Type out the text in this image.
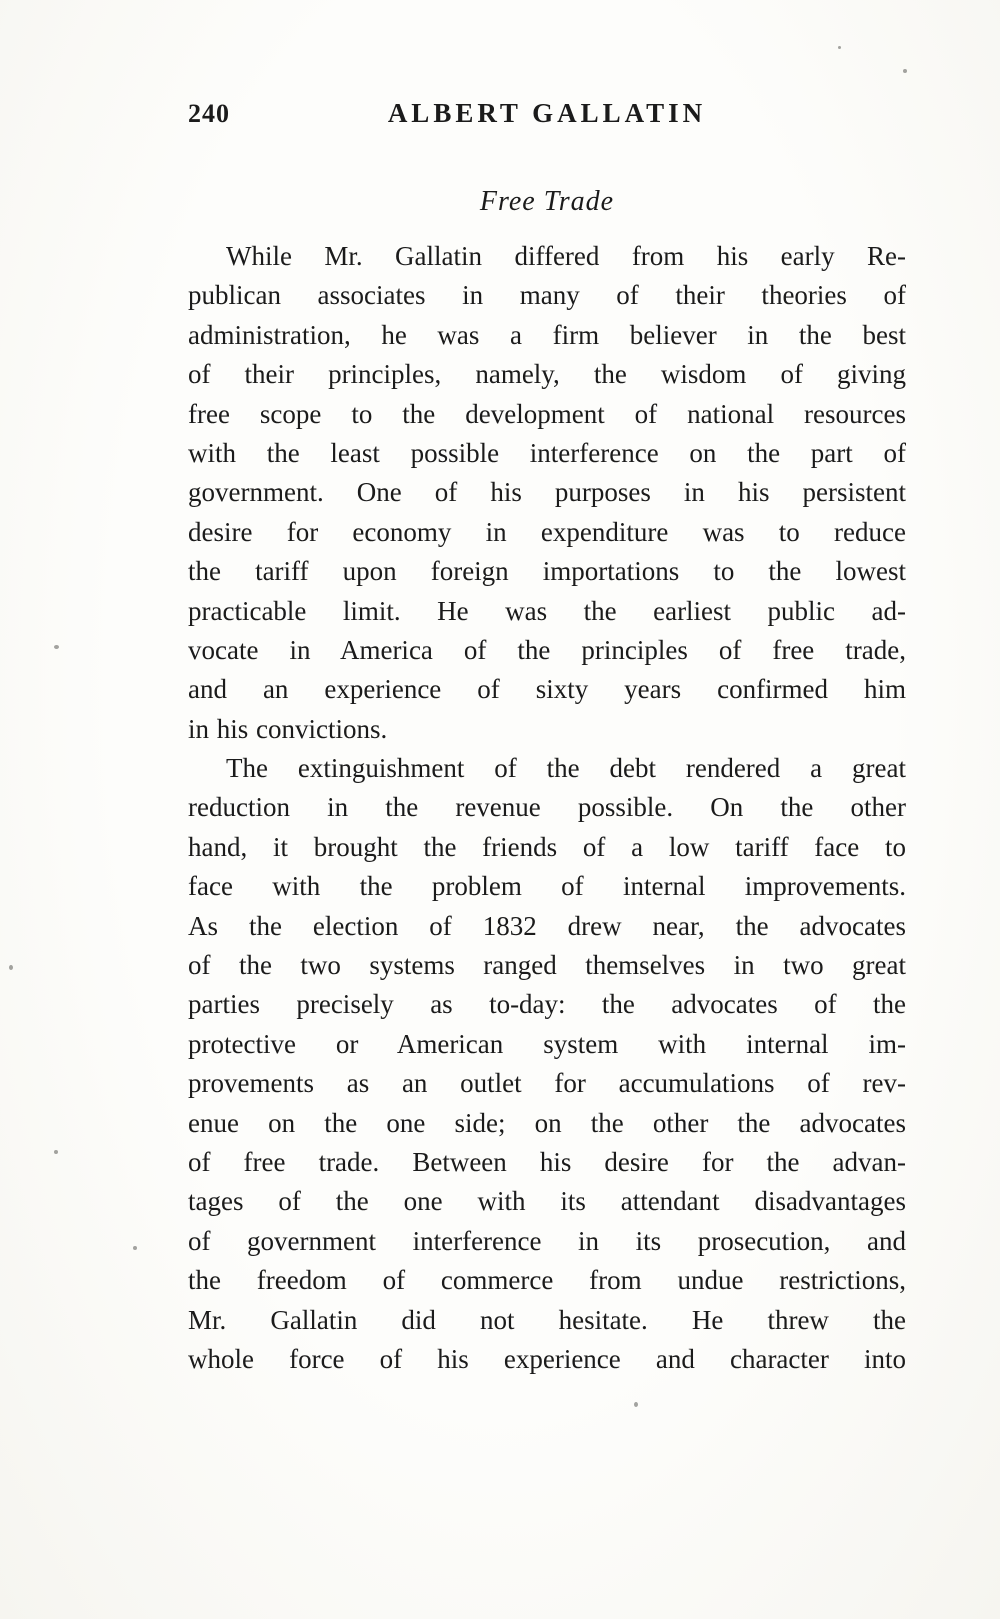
240	ALBERT GALLATIN
Free Trade
While Mr. Gallatin differed from his early Re-
publican associates in many of their theories of
administration, he was a firm believer in the best
of their principles, namely, the wisdom of giving
free scope to the development of national resources
with the least possible interference on the part of
government. One of his purposes in his persistent
desire for economy in expenditure was to reduce
the tariff upon foreign importations to the lowest
practicable limit. He was the earliest public ad-
vocate in America of the principles of free trade,
and an experience of sixty years confirmed him
in his convictions.
The extinguishment of the debt rendered a great
reduction in the revenue possible. On the other
hand, it brought the friends of a low tariff face to
face with the problem of internal improvements.
As the election of 1832 drew near, the advocates
of the two systems ranged themselves in two great
parties precisely as to-day: the advocates of the
protective or American system with internal im-
provements as an outlet for accumulations of rev-
enue on the one side; on the other the advocates
of free trade. Between his desire for the advan-
tages of the one with its attendant disadvantages
of government interference in its prosecution, and
the freedom of commerce from undue restrictions,
Mr. Gallatin did not hesitate. He threw the
whole force of his experience and character into
